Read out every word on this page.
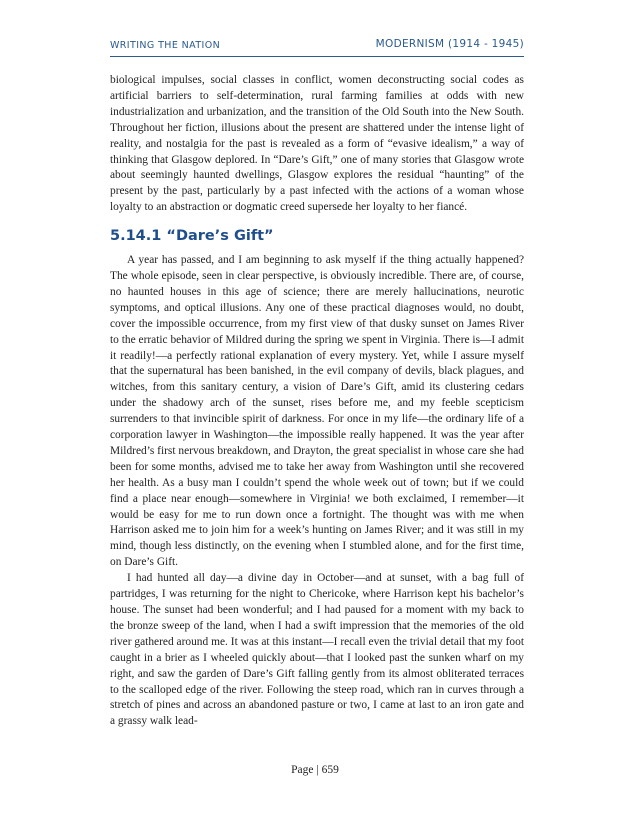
WRITING THE NATION	MODERNISM (1914 - 1945)

biological impulses, social classes in conflict, women deconstructing social codes as artificial barriers to self-determination, rural farming families at odds with new industrialization and urbanization, and the transition of the Old South into the New South. Throughout her fiction, illusions about the present are shattered under the intense light of reality, and nostalgia for the past is revealed as a form of “evasive idealism,” a way of thinking that Glasgow deplored. In “Dare’s Gift,” one of many stories that Glasgow wrote about seemingly haunted dwellings, Glasgow explores the residual “haunting” of the present by the past, particularly by a past infected with the actions of a woman whose loyalty to an abstraction or dogmatic creed supersede her loyalty to her fiancé.

5.14.1 “Dare’s Gift”

A year has passed, and I am beginning to ask myself if the thing actually happened? The whole episode, seen in clear perspective, is obviously incredible. There are, of course, no haunted houses in this age of science; there are merely hallucinations, neurotic symptoms, and optical illusions. Any one of these practical diagnoses would, no doubt, cover the impossible occurrence, from my first view of that dusky sunset on James River to the erratic behavior of Mildred during the spring we spent in Virginia. There is—I admit it readily!—a perfectly rational explanation of every mystery. Yet, while I assure myself that the supernatural has been banished, in the evil company of devils, black plagues, and witches, from this sanitary century, a vision of Dare’s Gift, amid its clustering cedars under the shadowy arch of the sunset, rises before me, and my feeble scepticism surrenders to that invincible spirit of darkness. For once in my life—the ordinary life of a corporation lawyer in Washington—the impossible really happened. It was the year after Mildred’s first nervous breakdown, and Drayton, the great specialist in whose care she had been for some months, advised me to take her away from Washington until she recovered her health. As a busy man I couldn’t spend the whole week out of town; but if we could find a place near enough—somewhere in Virginia! we both exclaimed, I remember—it would be easy for me to run down once a fortnight. The thought was with me when Harrison asked me to join him for a week’s hunting on James River; and it was still in my mind, though less distinctly, on the evening when I stumbled alone, and for the first time, on Dare’s Gift.

I had hunted all day—a divine day in October—and at sunset, with a bag full of partridges, I was returning for the night to Chericoke, where Harrison kept his bachelor’s house. The sunset had been wonderful; and I had paused for a moment with my back to the bronze sweep of the land, when I had a swift impression that the memories of the old river gathered around me. It was at this instant—I recall even the trivial detail that my foot caught in a brier as I wheeled quickly about—that I looked past the sunken wharf on my right, and saw the garden of Dare’s Gift falling gently from its almost obliterated terraces to the scalloped edge of the river. Following the steep road, which ran in curves through a stretch of pines and across an abandoned pasture or two, I came at last to an iron gate and a grassy walk lead-

Page | 659
